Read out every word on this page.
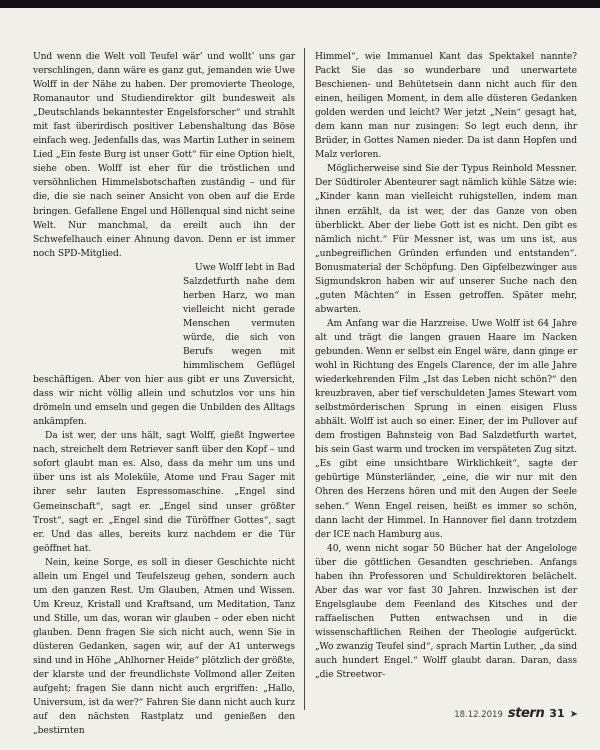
Und wenn die Welt voll Teufel wär’ und wollt’ uns gar verschlingen, dann wäre es ganz gut, jemanden wie Uwe Wolff in der Nähe zu haben. Der promovierte Theologe, Romanautor und Studiendirektor gilt bundesweit als „Deutschlands bekanntester Engelsforscher“ und strahlt mit fast überirdisch positiver Lebenshaltung das Böse einfach weg. Jedenfalls das, was Martin Luther in seinem Lied „Ein feste Burg ist unser Gott“ für eine Option hielt, siehe oben. Wolff ist eher für die tröstlichen und versöhnlichen Himmelsbotschaften zuständig – und für die, die sie nach seiner Ansicht von oben auf die Erde bringen. Gefallene Engel und Höllenqual sind nicht seine Welt. Nur manchmal, da ereilt auch ihn der Schwefelhauch einer Ahnung davon. Denn er ist immer noch SPD-Mitglied.

Uwe Wolff lebt in Bad Salzdetfurth nahe dem herben Harz, wo man vielleicht nicht gerade Menschen vermuten würde, die sich von Berufs wegen mit himmlischem Geflügel beschäftigen. Aber von hier aus gibt er uns Zuversicht, dass wir nicht völlig allein und schutzlos vor uns hin drömeln und emseln und gegen die Unbilden des Alltags ankämpfen.

Da ist wer, der uns hält, sagt Wolff, gießt Ingwertee nach, streichelt dem Retriever sanft über den Kopf – und sofort glaubt man es. Also, dass da mehr um uns und über uns ist als Moleküle, Atome und Frau Sager mit ihrer sehr lauten Espressomaschine. „Engel sind Gemeinschaft“, sagt er. „Engel sind unser größter Trost“, sagt er. „Engel sind die Türöffner Gottes“, sagt er. Und das alles, bereits kurz nachdem er die Tür geöffnet hat.

Nein, keine Sorge, es soll in dieser Geschichte nicht allein um Engel und Teufelszeug gehen, sondern auch um den ganzen Rest. Um Glauben, Atmen und Wissen. Um Kreuz, Kristall und Kraftsand, um Meditation, Tanz und Stille, um das, woran wir glauben – oder eben nicht glauben. Denn fragen Sie sich nicht auch, wenn Sie in düsteren Gedanken, sagen wir, auf der A1 unterwegs sind und in Höhe „Ahlhorner Heide“ plötzlich der größte, der klarste und der freundlichste Vollmond aller Zeiten aufgeht; fragen Sie dann nicht auch ergriffen: „Hallo, Universum, ist da wer?“ Fahren Sie dann nicht auch kurz auf den nächsten Rastplatz und genießen den „bestirnten

Himmel“, wie Immanuel Kant das Spektakel nannte? Packt Sie das so wunderbare und unerwartete Beschienen- und Behütetsein dann nicht auch für den einen, heiligen Moment, in dem alle düsteren Gedanken golden werden und leicht? Wer jetzt „Nein“ gesagt hat, dem kann man nur zusingen: So legt euch denn, ihr Brüder, in Gottes Namen nieder. Da ist dann Hopfen und Malz verloren.

Möglicherweise sind Sie der Typus Reinhold Messner. Der Südtiroler Abenteurer sagt nämlich kühle Sätze wie: „Kinder kann man vielleicht ruhigstellen, indem man ihnen erzählt, da ist wer, der das Ganze von oben überblickt. Aber der liebe Gott ist es nicht. Den gibt es nämlich nicht.“ Für Messner ist, was um uns ist, aus „unbegreiflichen Gründen erfunden und entstanden“. Bonusmaterial der Schöpfung. Den Gipfelbezwinger aus Sigmundskron haben wir auf unserer Suche nach den „guten Mächten“ in Essen getroffen. Später mehr, abwarten.

Am Anfang war die Harzreise. Uwe Wolff ist 64 Jahre alt und trägt die langen grauen Haare im Nacken gebunden. Wenn er selbst ein Engel wäre, dann ginge er wohl in Richtung des Engels Clarence, der im alle Jahre wiederkehrenden Film „Ist das Leben nicht schön?“ den kreuzbraven, aber tief verschuldeten James Stewart vom selbstmörderischen Sprung in einen eisigen Fluss abhält. Wolff ist auch so einer. Einer, der im Pullover auf dem frostigen Bahnsteig von Bad Salzdetfurth wartet, bis sein Gast warm und trocken im verspäteten Zug sitzt. „Es gibt eine unsichtbare Wirklichkeit“, sagte der gebürtige Münsterländer, „eine, die wir nur mit den Ohren des Herzens hören und mit den Augen der Seele sehen.“ Wenn Engel reisen, heißt es immer so schön, dann lacht der Himmel. In Hannover fiel dann trotzdem der ICE nach Hamburg aus.

40, wenn nicht sogar 50 Bücher hat der Angelologe über die göttlichen Gesandten geschrieben. Anfangs haben ihn Professoren und Schuldirektoren belächelt. Aber das war vor fast 30 Jahren. Inzwischen ist der Engelsglaube dem Feenland des Kitsches und der raffaelischen Putten entwachsen und in die wissenschaftlichen Reihen der Theologie aufgerückt. „Wo zwanzig Teufel sind“, sprach Martin Luther, „da sind auch hundert Engel.“ Wolff glaubt daran. Daran, dass „die Streetwor-

18.12.2019 stern 31 ➤
